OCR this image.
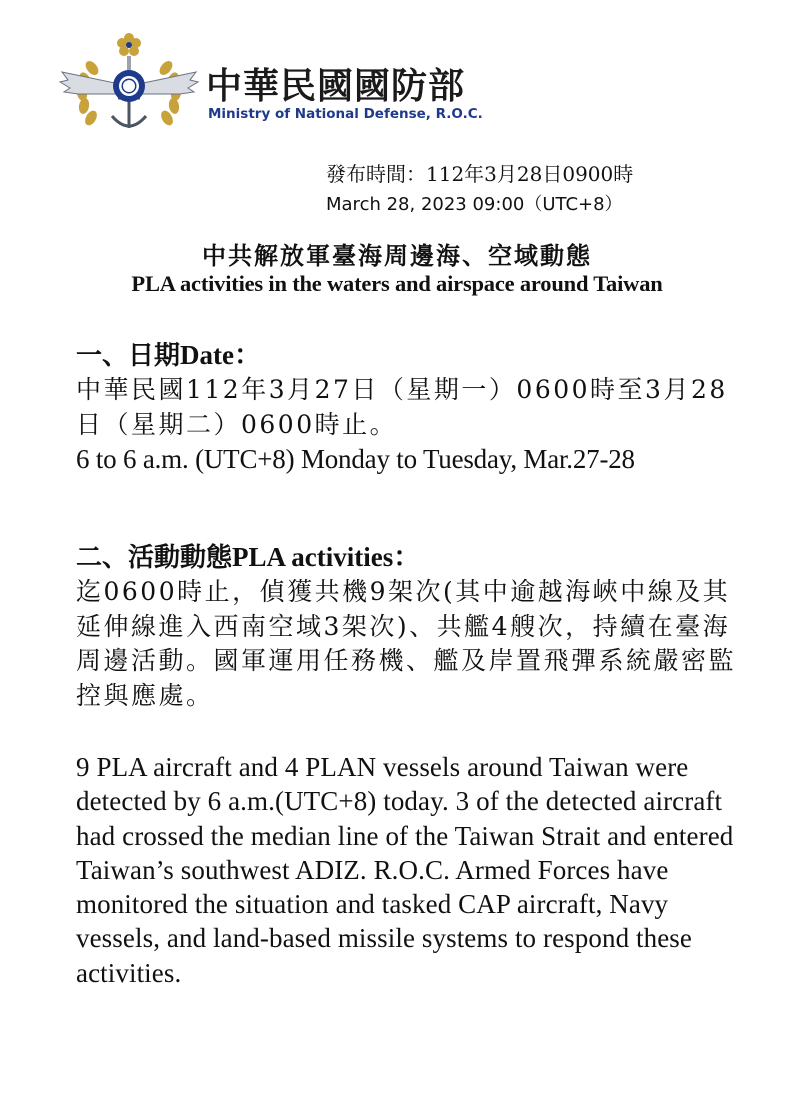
中華民國國防部
Ministry of National Defense, R.O.C.
發布時間：112年3月28日0900時
March 28, 2023 09:00（UTC+8）
中共解放軍臺海周邊海、空域動態
PLA activities in the waters and airspace around Taiwan
一、日期Date：
中華民國112年3月27日（星期一）0600時至3月28日（星期二）0600時止。
6 to 6 a.m. (UTC+8) Monday to Tuesday, Mar.27-28
二、活動動態PLA activities：
迄0600時止，偵獲共機9架次(其中逾越海峽中線及其延伸線進入西南空域3架次)、共艦4艘次，持續在臺海周邊活動。國軍運用任務機、艦及岸置飛彈系統嚴密監控與應處。
9 PLA aircraft and 4 PLAN vessels around Taiwan were detected by 6 a.m.(UTC+8) today. 3 of the detected aircraft had crossed the median line of the Taiwan Strait and entered Taiwan’s southwest ADIZ. R.O.C. Armed Forces have monitored the situation and tasked CAP aircraft, Navy vessels, and land-based missile systems to respond these activities.
